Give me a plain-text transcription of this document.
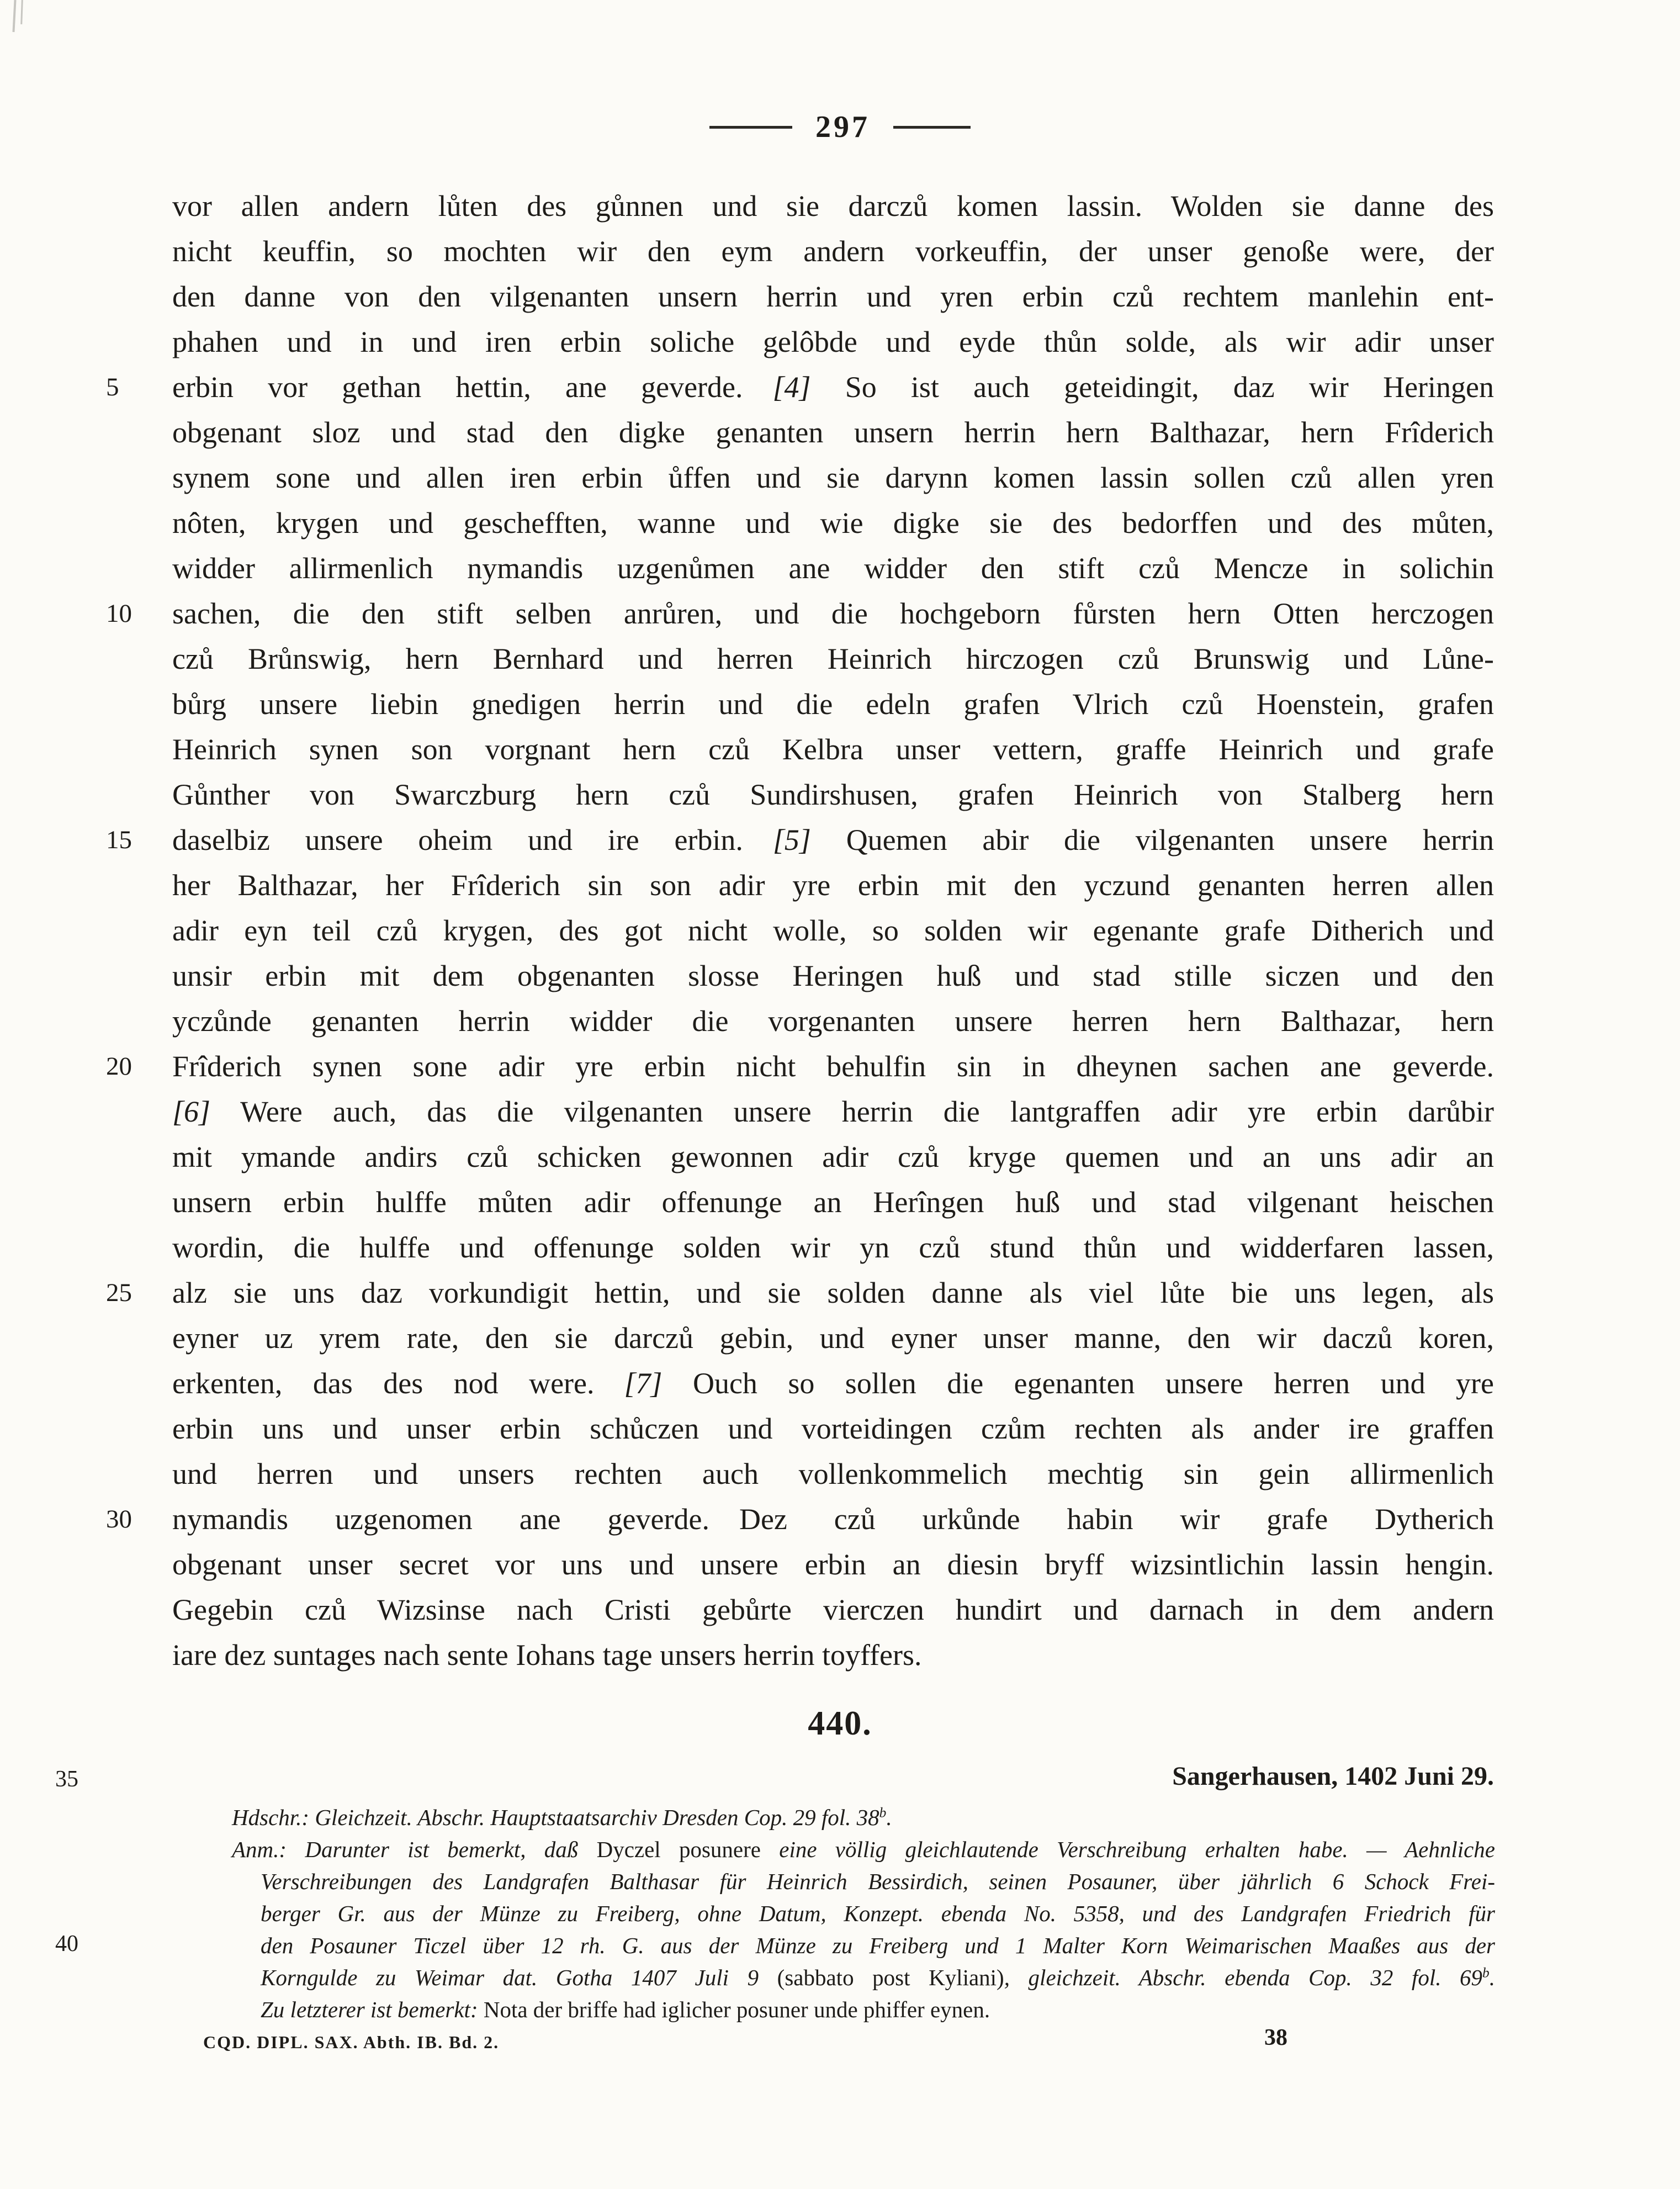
297
vor allen andern lůten des gůnnen und sie darczů komen lassin. Wolden sie danne des
nicht keuffin, so mochten wir den eym andern vorkeuffin, der unser genoße were, der
den danne von den vilgenanten unsern herrin und yren erbin czů rechtem manlehin ent-
phahen und in und iren erbin soliche gelôbde und eyde thůn solde, als wir adir unser
5	erbin vor gethan hettin, ane geverde. [4] So ist auch geteidingit, daz wir Heringen
obgenant sloz und stad den digke genanten unsern herrin hern Balthazar, hern Frîderich
synem sone und allen iren erbin ůffen und sie darynn komen lassin sollen czů allen yren
nôten, krygen und geschefften, wanne und wie digke sie des bedorffen und des můten,
widder allirmenlich nymandis uzgenůmen ane widder den stift czů Mencze in solichin
10	sachen, die den stift selben anrůren, und die hochgeborn fůrsten hern Otten herczogen
czů Brůnswig, hern Bernhard und herren Heinrich hirczogen czů Brunswig und Lůne-
bůrg unsere liebin gnedigen herrin und die edeln grafen Vlrich czů Hoenstein, grafen
Heinrich synen son vorgnant hern czů Kelbra unser vettern, graffe Heinrich und grafe
Gůnther von Swarczburg hern czů Sundirshusen, grafen Heinrich von Stalberg hern
15	daselbiz unsere oheim und ire erbin. [5] Quemen abir die vilgenanten unsere herrin
her Balthazar, her Frîderich sin son adir yre erbin mit den yczund genanten herren allen
adir eyn teil czů krygen, des got nicht wolle, so solden wir egenante grafe Ditherich und
unsir erbin mit dem obgenanten slosse Heringen huß und stad stille siczen und den
yczůnde genanten herrin widder die vorgenanten unsere herren hern Balthazar, hern
20	Frîderich synen sone adir yre erbin nicht behulfin sin in dheynen sachen ane geverde.
[6] Were auch, das die vilgenanten unsere herrin die lantgraffen adir yre erbin darůbir
mit ymande andirs czů schicken gewonnen adir czů kryge quemen und an uns adir an
unsern erbin hulffe můten adir offenunge an Herîngen huß und stad vilgenant heischen
wordin, die hulffe und offenunge solden wir yn czů stund thůn und widderfaren lassen,
25	alz sie uns daz vorkundigit hettin, und sie solden danne als viel lůte bie uns legen, als
eyner uz yrem rate, den sie darczů gebin, und eyner unser manne, den wir daczů koren,
erkenten, das des nod were. [7] Ouch so sollen die egenanten unsere herren und yre
erbin uns und unser erbin schůczen und vorteidingen czům rechten als ander ire graffen
und herren und unsers rechten auch vollenkommelich mechtig sin gein allirmenlich
30	nymandis uzgenomen ane geverde. Dez czů urkůnde habin wir grafe Dytherich
obgenant unser secret vor uns und unsere erbin an diesin bryff wizsintlichin lassin hengin.
Gegebin czů Wizsinse nach Cristi gebůrte vierczen hundirt und darnach in dem andern
iare dez suntages nach sente Iohans tage unsers herrin toyffers.
440.
Sangerhausen, 1402 Juni 29.
35
40
Hdschr.: Gleichzeit. Abschr. Hauptstaatsarchiv Dresden Cop. 29 fol. 38$^b$.
Anm.: Darunter ist bemerkt, daß Dyczel posunere eine völlig gleichlautende Verschreibung erhalten habe. — Aehnliche
Verschreibungen des Landgrafen Balthasar für Heinrich Bessirdich, seinen Posauner, über jährlich 6 Schock Frei-
berger Gr. aus der Münze zu Freiberg, ohne Datum, Konzept. ebenda No. 5358, und des Landgrafen Friedrich für
den Posauner Ticzel über 12 rh. G. aus der Münze zu Freiberg und 1 Malter Korn Weimarischen Maaßes aus der
Korngulde zu Weimar dat. Gotha 1407 Juli 9 (sabbato post Kyliani), gleichzeit. Abschr. ebenda Cop. 32 fol. 69$^b$.
Zu letzterer ist bemerkt: Nota der briffe had iglicher posuner unde phiffer eynen.
CQD. DIPL. SAX. Abth. IB. Bd. 2.	38
